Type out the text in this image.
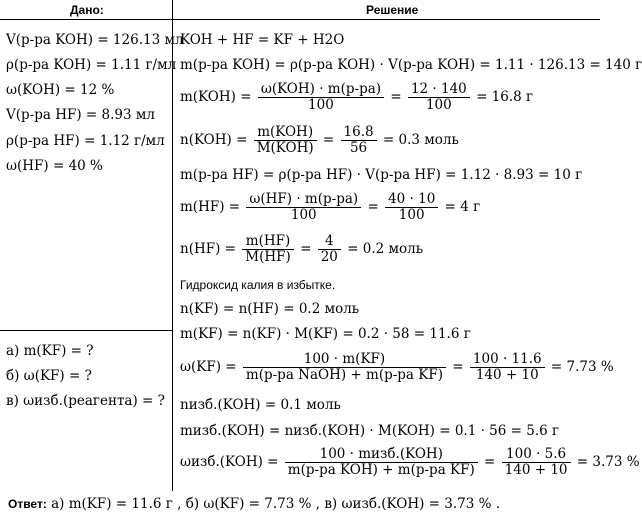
Дано:	Решение
V(р-ра KOH) = 126.13 мл
ρ(р-ра KOH) = 1.11 г/мл
ω(KOH) = 12 %
V(р-ра HF) = 8.93 мл
ρ(р-ра HF) = 1.12 г/мл
ω(HF) = 40 %
а) m(KF) = ?
б) ω(KF) = ?
в) ωизб.(реагента) = ?
KOH + HF = KF + H2O
m(р-ра KOH) = ρ(р-ра KOH) · V(р-ра KOH) = 1.11 · 126.13 = 140 г
$m(KOH) = \frac{\text{ω(KOH) · m(р-ра)}}{100} = \frac{12 \cdot 140}{100} = 16.8$ г
$n(KOH) = \frac{\text{m(KOH)}}{\text{M(KOH)}} = \frac{16.8}{56} = 0.3$ моль
m(р-ра HF) = ρ(р-ра HF) · V(р-ра HF) = 1.12 · 8.93 = 10 г
$m(HF) = \frac{\omega(HF) \cdot m(р-ра)}{100} = \frac{40 \cdot 10}{100} = 4$ г
$n(HF) = \frac{m(HF)}{M(HF)} = \frac{4}{20} = 0.2$ моль
Гидроксид калия в избытке.
n(KF) = n(HF) = 0.2 моль
m(KF) = n(KF) · M(KF) = 0.2 · 58 = 11.6 г
$\omega(KF) = \frac{100 \cdot m(KF)}{\text{m(р-ра NaOH) + m(р-ра KF)}} = \frac{100 \cdot 11.6}{140 + 10} = 7.73$ %
nизб.(KOH) = 0.1 моль
mизб.(KOH) = nизб.(KOH) · M(KOH) = 0.1 · 56 = 5.6 г
$\omega изб.(KOH) = \frac{\text{100 · mизб.(KOH)}}{\text{m(р-ра KOH) + m(р-ра KF)}} = \frac{100 \cdot 5.6}{140 + 10} = 3.73$ %
Ответ: а) m(KF) = 11.6 г , б) ω(KF) = 7.73 % , в) ωизб.(KOH) = 3.73 % .
